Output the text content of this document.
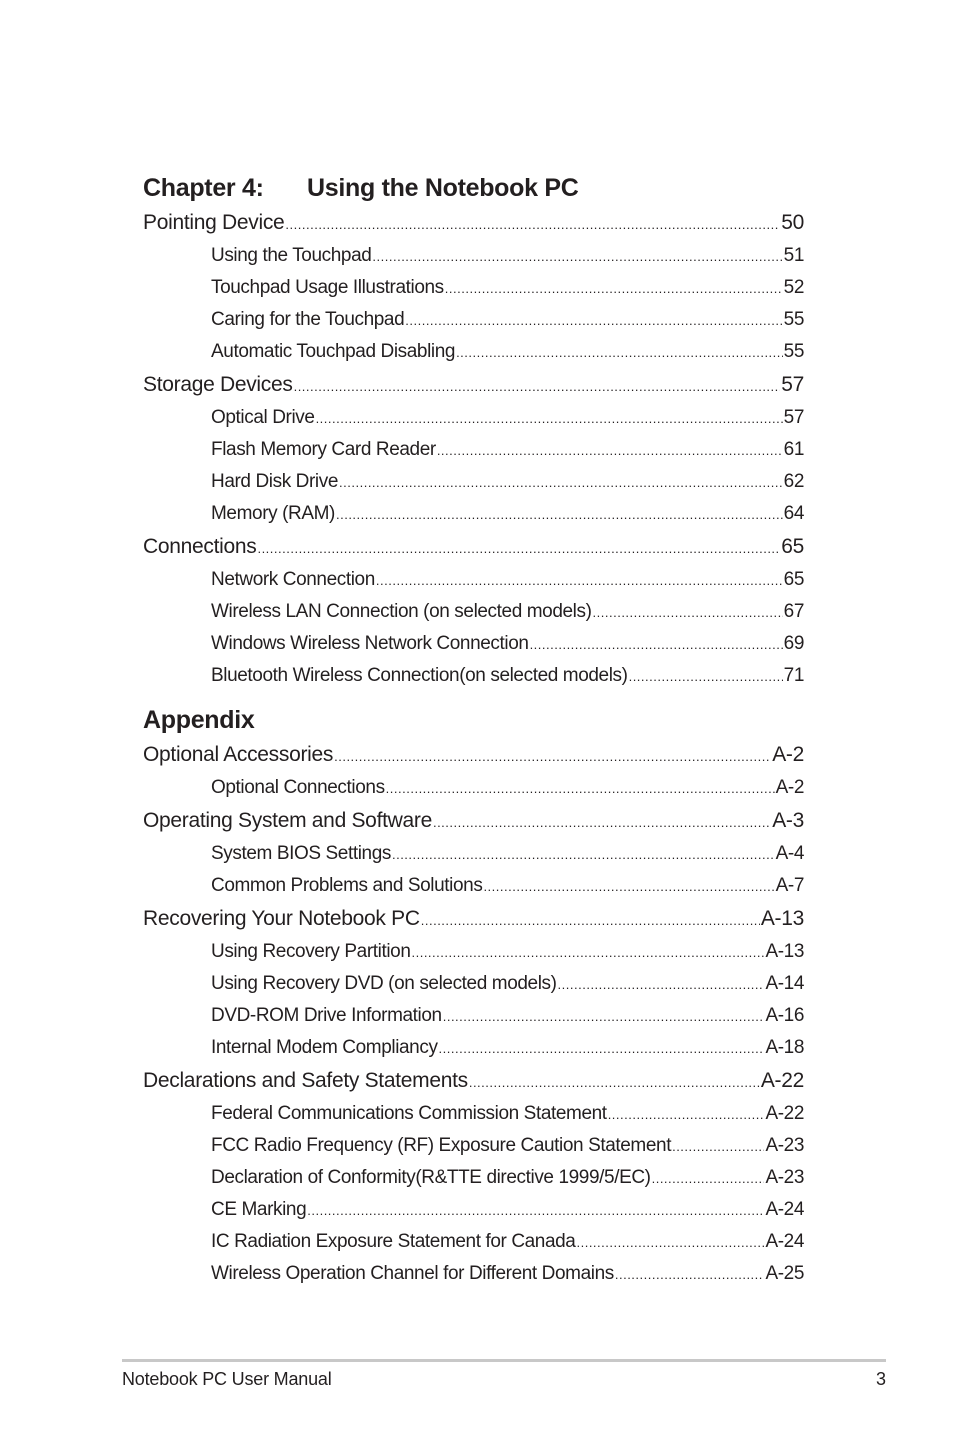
Chapter 4: Using the Notebook PC
Pointing Device .....	50
Using the Touchpad .....	51
Touchpad Usage Illustrations .....	52
Caring for the Touchpad .....	55
Automatic Touchpad Disabling .....	55
Storage Devices .....	57
Optical Drive .....	57
Flash Memory Card Reader .....	61
Hard Disk Drive .....	62
Memory (RAM) .....	64
Connections .....	65
Network Connection .....	65
Wireless LAN Connection (on selected models) .....	67
Windows Wireless Network Connection .....	69
Bluetooth Wireless Connection(on selected models) .....	71
Appendix
Optional Accessories .....	A-2
Optional Connections .....	A-2
Operating System and Software .....	A-3
System BIOS Settings .....	A-4
Common Problems and Solutions .....	A-7
Recovering Your Notebook PC .....	A-13
Using Recovery Partition .....	A-13
Using Recovery DVD (on selected models) .....	A-14
DVD-ROM Drive Information .....	A-16
Internal Modem Compliancy .....	A-18
Declarations and Safety Statements .....	A-22
Federal Communications Commission Statement .....	A-22
FCC Radio Frequency (RF) Exposure Caution Statement .....	A-23
Declaration of Conformity(R&TTE directive 1999/5/EC) .....	A-23
CE Marking .....	A-24
IC Radiation Exposure Statement for Canada .....	A-24
Wireless Operation Channel for Different Domains .....	A-25
Notebook PC User Manual	3
